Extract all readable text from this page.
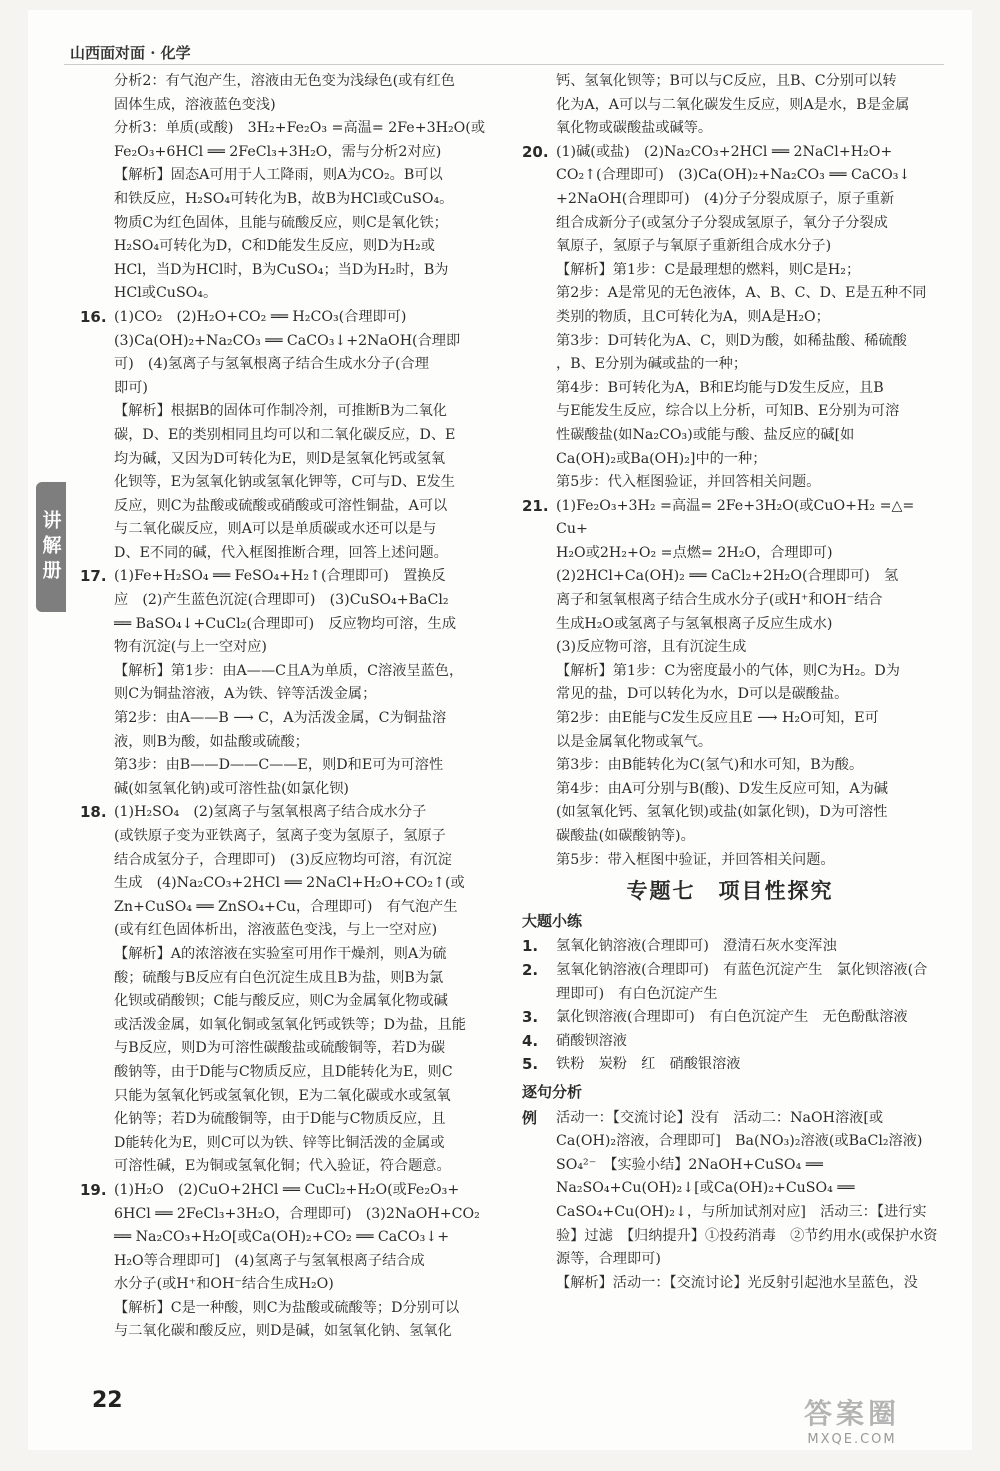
山西面对面 · 化学
讲解册
分析2：有气泡产生，溶液由无色变为浅绿色(或有红色
固体生成，溶液蓝色变浅)
分析3：单质(或酸)　3H₂+Fe₂O₃ =高温= 2Fe+3H₂O(或
Fe₂O₃+6HCl ══ 2FeCl₃+3H₂O，需与分析2对应)
【解析】固态A可用于人工降雨，则A为CO₂。B可以
和铁反应，H₂SO₄可转化为B，故B为HCl或CuSO₄。
物质C为红色固体，且能与硫酸反应，则C是氧化铁；
H₂SO₄可转化为D，C和D能发生反应，则D为H₂或
HCl，当D为HCl时，B为CuSO₄；当D为H₂时，B为
HCl或CuSO₄。
16. (1)CO₂　(2)H₂O+CO₂ ══ H₂CO₃(合理即可)
(3)Ca(OH)₂+Na₂CO₃ ══ CaCO₃↓+2NaOH(合理即
可)　(4)氢离子与氢氧根离子结合生成水分子(合理
即可)
【解析】根据B的固体可作制冷剂，可推断B为二氧化
碳，D、E的类别相同且均可以和二氧化碳反应，D、E
均为碱，又因为D可转化为E，则D是氢氧化钙或氢氧
化钡等，E为氢氧化钠或氢氧化钾等，C可与D、E发生
反应，则C为盐酸或硫酸或硝酸或可溶性铜盐，A可以
与二氧化碳反应，则A可以是单质碳或水还可以是与
D、E不同的碱，代入框图推断合理，回答上述问题。
17. (1)Fe+H₂SO₄ ══ FeSO₄+H₂↑(合理即可)　置换反
应　(2)产生蓝色沉淀(合理即可)　(3)CuSO₄+BaCl₂
══ BaSO₄↓+CuCl₂(合理即可)　反应物均可溶，生成
物有沉淀(与上一空对应)
【解析】第1步：由A——C且A为单质，C溶液呈蓝色，
则C为铜盐溶液，A为铁、锌等活泼金属；
第2步：由A——B ⟶ C，A为活泼金属，C为铜盐溶
液，则B为酸，如盐酸或硫酸；
第3步：由B——D——C——E，则D和E可为可溶性
碱(如氢氧化钠)或可溶性盐(如氯化钡)
18. (1)H₂SO₄　(2)氢离子与氢氧根离子结合成水分子
(或铁原子变为亚铁离子，氢离子变为氢原子，氢原子
结合成氢分子，合理即可)　(3)反应物均可溶，有沉淀
生成　(4)Na₂CO₃+2HCl ══ 2NaCl+H₂O+CO₂↑(或
Zn+CuSO₄ ══ ZnSO₄+Cu，合理即可)　有气泡产生
(或有红色固体析出，溶液蓝色变浅，与上一空对应)
【解析】A的浓溶液在实验室可用作干燥剂，则A为硫
酸；硫酸与B反应有白色沉淀生成且B为盐，则B为氯
化钡或硝酸钡；C能与酸反应，则C为金属氧化物或碱
或活泼金属，如氧化铜或氢氧化钙或铁等；D为盐，且能
与B反应，则D为可溶性碳酸盐或硫酸铜等，若D为碳
酸钠等，由于D能与C物质反应，且D能转化为E，则C
只能为氢氧化钙或氢氧化钡，E为二氧化碳或水或氢氧
化钠等；若D为硫酸铜等，由于D能与C物质反应，且
D能转化为E，则C可以为铁、锌等比铜活泼的金属或
可溶性碱，E为铜或氢氧化铜；代入验证，符合题意。
19. (1)H₂O　(2)CuO+2HCl ══ CuCl₂+H₂O(或Fe₂O₃+
6HCl ══ 2FeCl₃+3H₂O，合理即可)　(3)2NaOH+CO₂
══ Na₂CO₃+H₂O[或Ca(OH)₂+CO₂ ══ CaCO₃↓+
H₂O等合理即可]　(4)氢离子与氢氧根离子结合成
水分子(或H⁺和OH⁻结合生成H₂O)
【解析】C是一种酸，则C为盐酸或硫酸等；D分别可以
与二氧化碳和酸反应，则D是碱，如氢氧化钠、氢氧化
钙、氢氧化钡等；B可以与C反应，且B、C分别可以转
化为A，A可以与二氧化碳发生反应，则A是水，B是金属
氧化物或碳酸盐或碱等。
20. (1)碱(或盐)　(2)Na₂CO₃+2HCl ══ 2NaCl+H₂O+
CO₂↑(合理即可)　(3)Ca(OH)₂+Na₂CO₃ ══ CaCO₃↓
+2NaOH(合理即可)　(4)分子分裂成原子，原子重新
组合成新分子(或氢分子分裂成氢原子，氧分子分裂成
氧原子，氢原子与氧原子重新组合成水分子)
【解析】第1步：C是最理想的燃料，则C是H₂；
第2步：A是常见的无色液体，A、B、C、D、E是五种不同
类别的物质，且C可转化为A，则A是H₂O；
第3步：D可转化为A、C，则D为酸，如稀盐酸、稀硫酸
，B、E分别为碱或盐的一种；
第4步：B可转化为A，B和E均能与D发生反应，且B
与E能发生反应，综合以上分析，可知B、E分别为可溶
性碳酸盐(如Na₂CO₃)或能与酸、盐反应的碱[如
Ca(OH)₂或Ba(OH)₂]中的一种；
第5步：代入框图验证，并回答相关问题。
21. (1)Fe₂O₃+3H₂ =高温= 2Fe+3H₂O(或CuO+H₂ =△= Cu+
H₂O或2H₂+O₂ =点燃= 2H₂O，合理即可)
(2)2HCl+Ca(OH)₂ ══ CaCl₂+2H₂O(合理即可)　氢
离子和氢氧根离子结合生成水分子(或H⁺和OH⁻结合
生成H₂O或氢离子与氢氧根离子反应生成水)
(3)反应物可溶，且有沉淀生成
【解析】第1步：C为密度最小的气体，则C为H₂。D为
常见的盐，D可以转化为水，D可以是碳酸盐。
第2步：由E能与C发生反应且E ⟶ H₂O可知，E可
以是金属氧化物或氧气。
第3步：由B能转化为C(氢气)和水可知，B为酸。
第4步：由A可分别与B(酸)、D发生反应可知，A为碱
(如氢氧化钙、氢氧化钡)或盐(如氯化钡)，D为可溶性
碳酸盐(如碳酸钠等)。
第5步：带入框图中验证，并回答相关问题。
专题七　项目性探究
大题小练
1.	氢氧化钠溶液(合理即可)　澄清石灰水变浑浊
2.	氢氧化钠溶液(合理即可)　有蓝色沉淀产生　氯化钡溶液(合理即可)　有白色沉淀产生
3.	氯化钡溶液(合理即可)　有白色沉淀产生　无色酚酞溶液
4.	硝酸钡溶液
5.	铁粉　炭粉　红　硝酸银溶液
逐句分析
例	活动一：【交流讨论】没有　活动二：NaOH溶液[或Ca(OH)₂溶液，合理即可]　Ba(NO₃)₂溶液(或BaCl₂溶液)　SO₄²⁻　【实验小结】2NaOH+CuSO₄ ══ Na₂SO₄+Cu(OH)₂↓[或Ca(OH)₂+CuSO₄ ══ CaSO₄+Cu(OH)₂↓，与所加试剂对应]　活动三：【进行实验】过滤　【归纳提升】①投药消毒　②节约用水(或保护水资源等，合理即可)
【解析】活动一：【交流讨论】光反射引起池水呈蓝色，没
22	答案圈
MXQE.COM
